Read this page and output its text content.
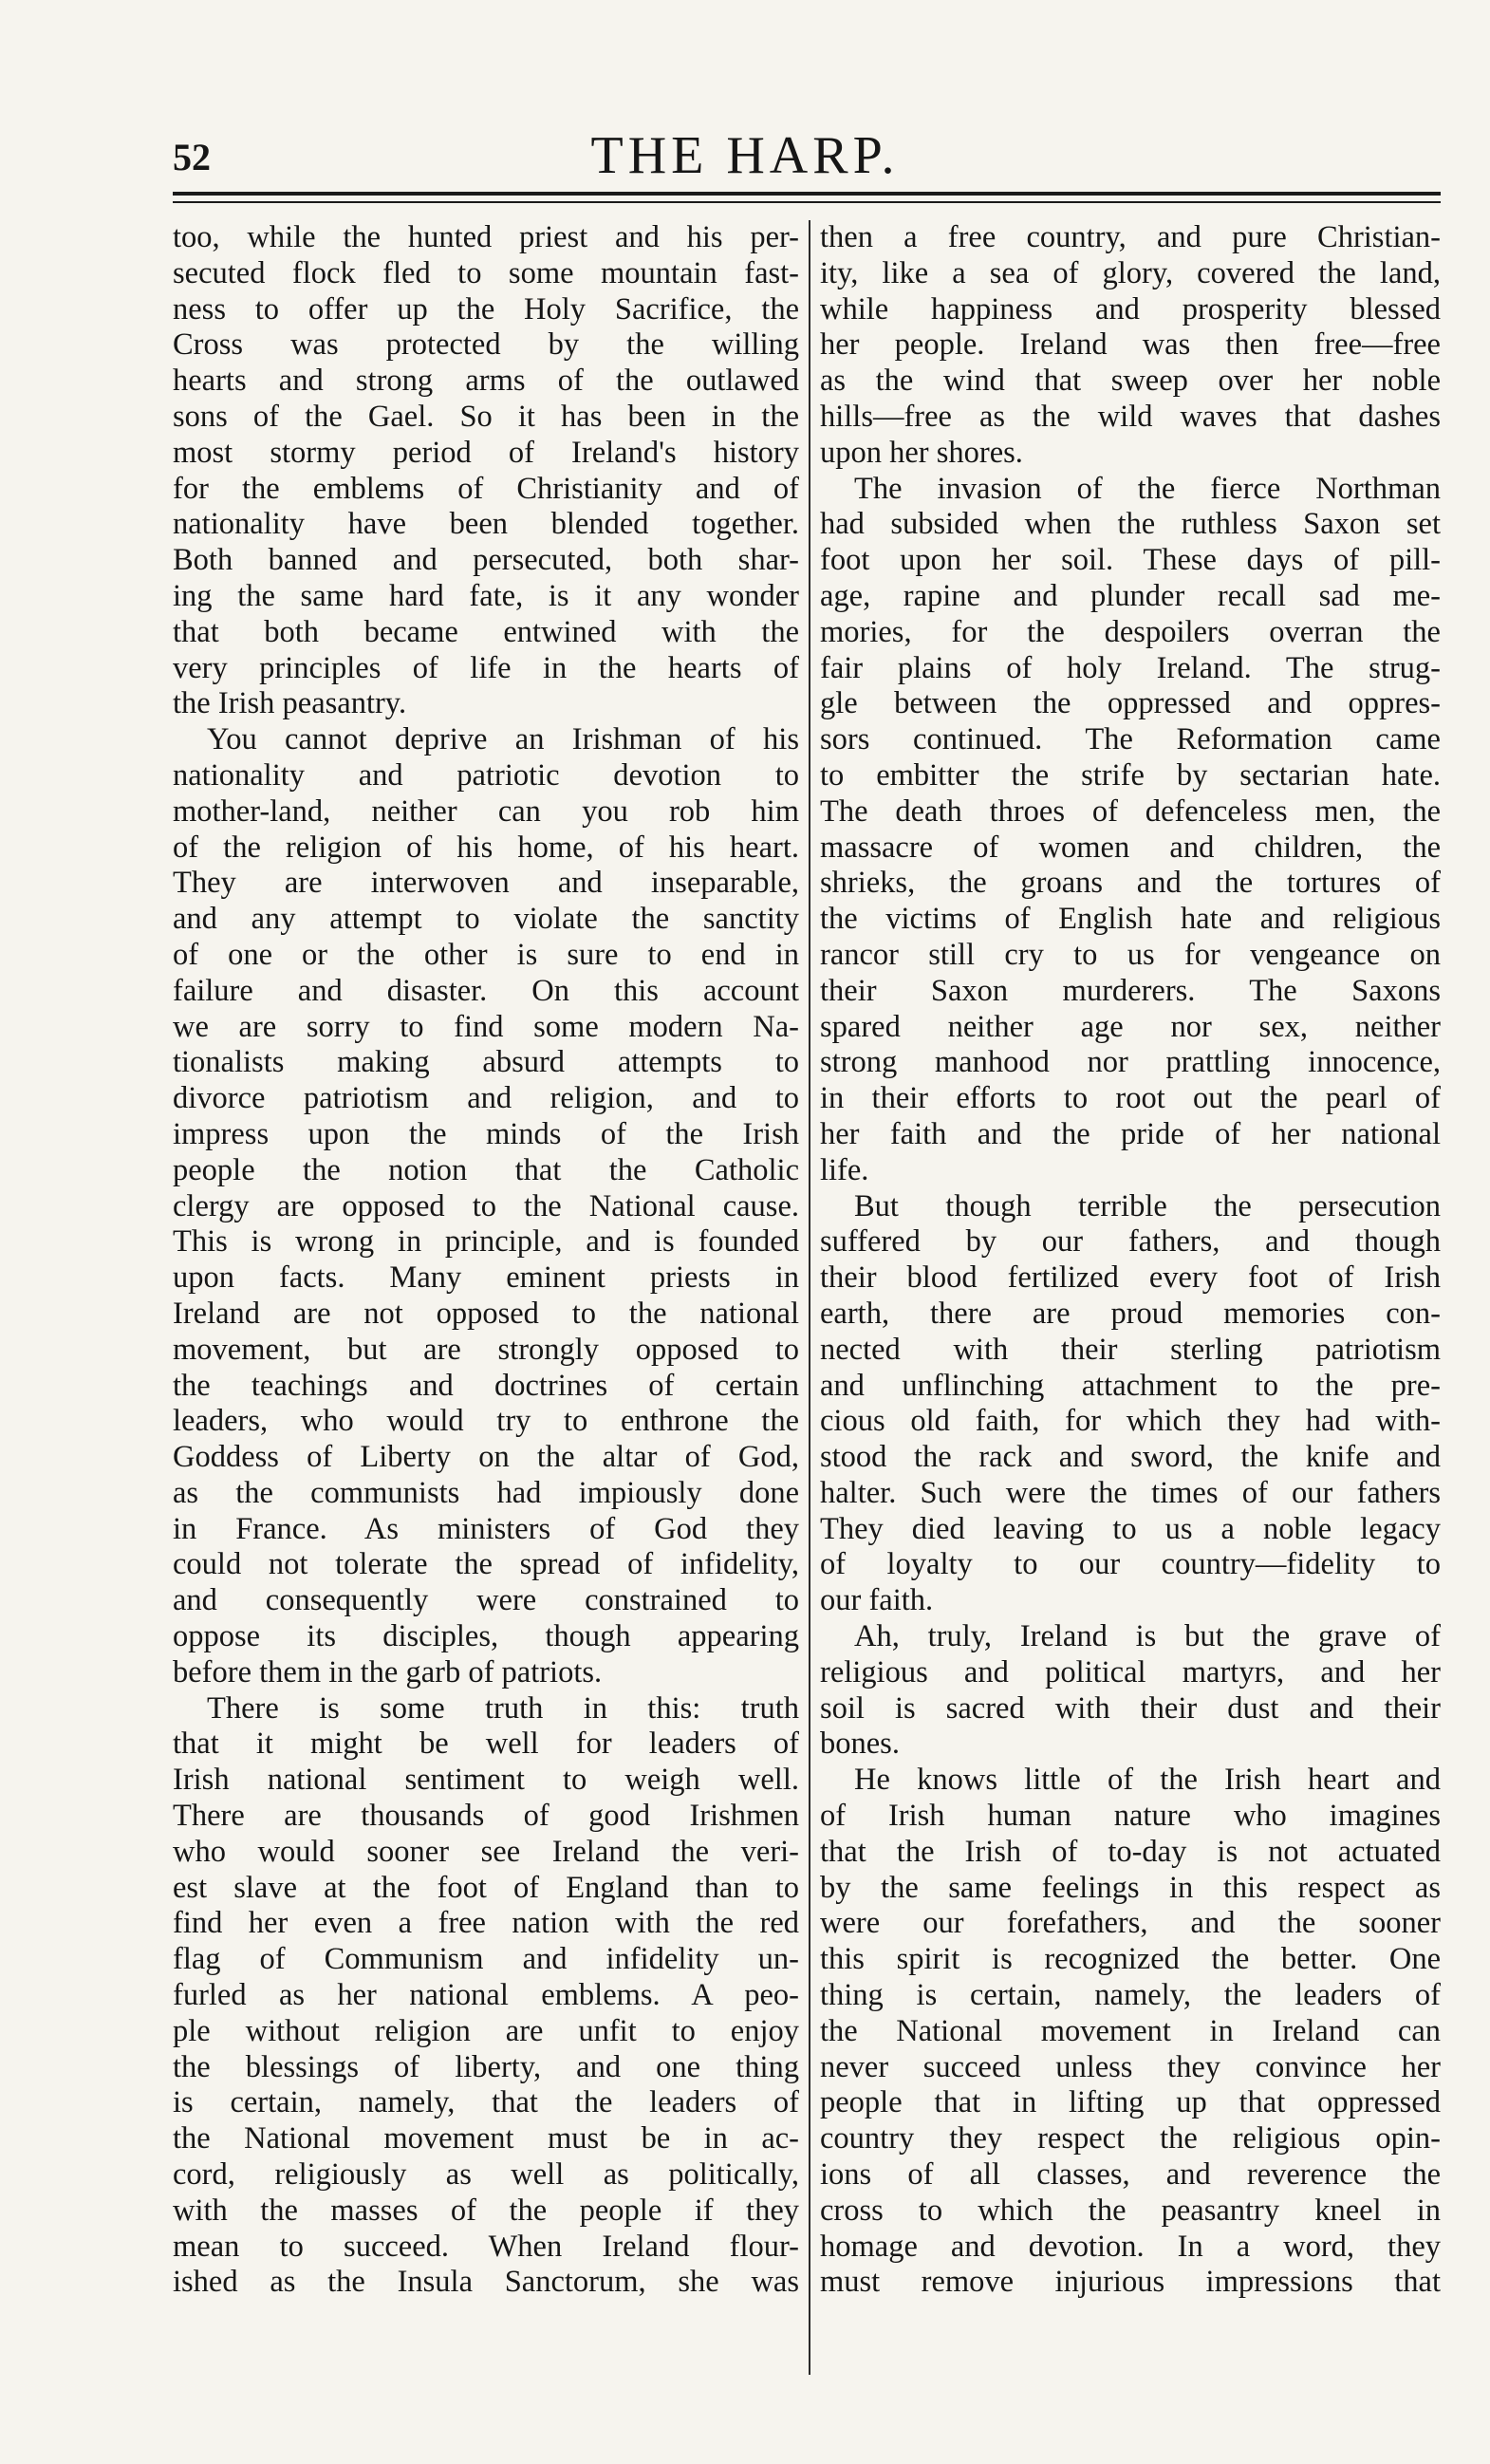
52	THE HARP.
too, while the hunted priest and his per-
secuted flock fled to some mountain fast-
ness to offer up the Holy Sacrifice, the
Cross was protected by the willing
hearts and strong arms of the outlawed
sons of the Gael. So it has been in the
most stormy period of Ireland's history
for the emblems of Christianity and of
nationality have been blended together.
Both banned and persecuted, both shar-
ing the same hard fate, is it any wonder
that both became entwined with the
very principles of life in the hearts of
the Irish peasantry.
You cannot deprive an Irishman of his
nationality and patriotic devotion to
mother-land, neither can you rob him
of the religion of his home, of his heart.
They are interwoven and inseparable,
and any attempt to violate the sanctity
of one or the other is sure to end in
failure and disaster. On this account
we are sorry to find some modern Na-
tionalists making absurd attempts to
divorce patriotism and religion, and to
impress upon the minds of the Irish
people the notion that the Catholic
clergy are opposed to the National cause.
This is wrong in principle, and is founded
upon facts. Many eminent priests in
Ireland are not opposed to the national
movement, but are strongly opposed to
the teachings and doctrines of certain
leaders, who would try to enthrone the
Goddess of Liberty on the altar of God,
as the communists had impiously done
in France. As ministers of God they
could not tolerate the spread of infidelity,
and consequently were constrained to
oppose its disciples, though appearing
before them in the garb of patriots.
There is some truth in this: truth
that it might be well for leaders of
Irish national sentiment to weigh well.
There are thousands of good Irishmen
who would sooner see Ireland the veri-
est slave at the foot of England than to
find her even a free nation with the red
flag of Communism and infidelity un-
furled as her national emblems. A peo-
ple without religion are unfit to enjoy
the blessings of liberty, and one thing
is certain, namely, that the leaders of
the National movement must be in ac-
cord, religiously as well as politically,
with the masses of the people if they
mean to succeed. When Ireland flour-
ished as the Insula Sanctorum, she was
then a free country, and pure Christian-
ity, like a sea of glory, covered the land,
while happiness and prosperity blessed
her people. Ireland was then free—free
as the wind that sweep over her noble
hills—free as the wild waves that dashes
upon her shores.
The invasion of the fierce Northman
had subsided when the ruthless Saxon set
foot upon her soil. These days of pill-
age, rapine and plunder recall sad me-
mories, for the despoilers overran the
fair plains of holy Ireland. The strug-
gle between the oppressed and oppres-
sors continued. The Reformation came
to embitter the strife by sectarian hate.
The death throes of defenceless men, the
massacre of women and children, the
shrieks, the groans and the tortures of
the victims of English hate and religious
rancor still cry to us for vengeance on
their Saxon murderers. The Saxons
spared neither age nor sex, neither
strong manhood nor prattling innocence,
in their efforts to root out the pearl of
her faith and the pride of her national
life.
But though terrible the persecution
suffered by our fathers, and though
their blood fertilized every foot of Irish
earth, there are proud memories con-
nected with their sterling patriotism
and unflinching attachment to the pre-
cious old faith, for which they had with-
stood the rack and sword, the knife and
halter. Such were the times of our fathers
They died leaving to us a noble legacy
of loyalty to our country—fidelity to
our faith.
Ah, truly, Ireland is but the grave of
religious and political martyrs, and her
soil is sacred with their dust and their
bones.
He knows little of the Irish heart and
of Irish human nature who imagines
that the Irish of to-day is not actuated
by the same feelings in this respect as
were our forefathers, and the sooner
this spirit is recognized the better. One
thing is certain, namely, the leaders of
the National movement in Ireland can
never succeed unless they convince her
people that in lifting up that oppressed
country they respect the religious opin-
ions of all classes, and reverence the
cross to which the peasantry kneel in
homage and devotion. In a word, they
must remove injurious impressions that
